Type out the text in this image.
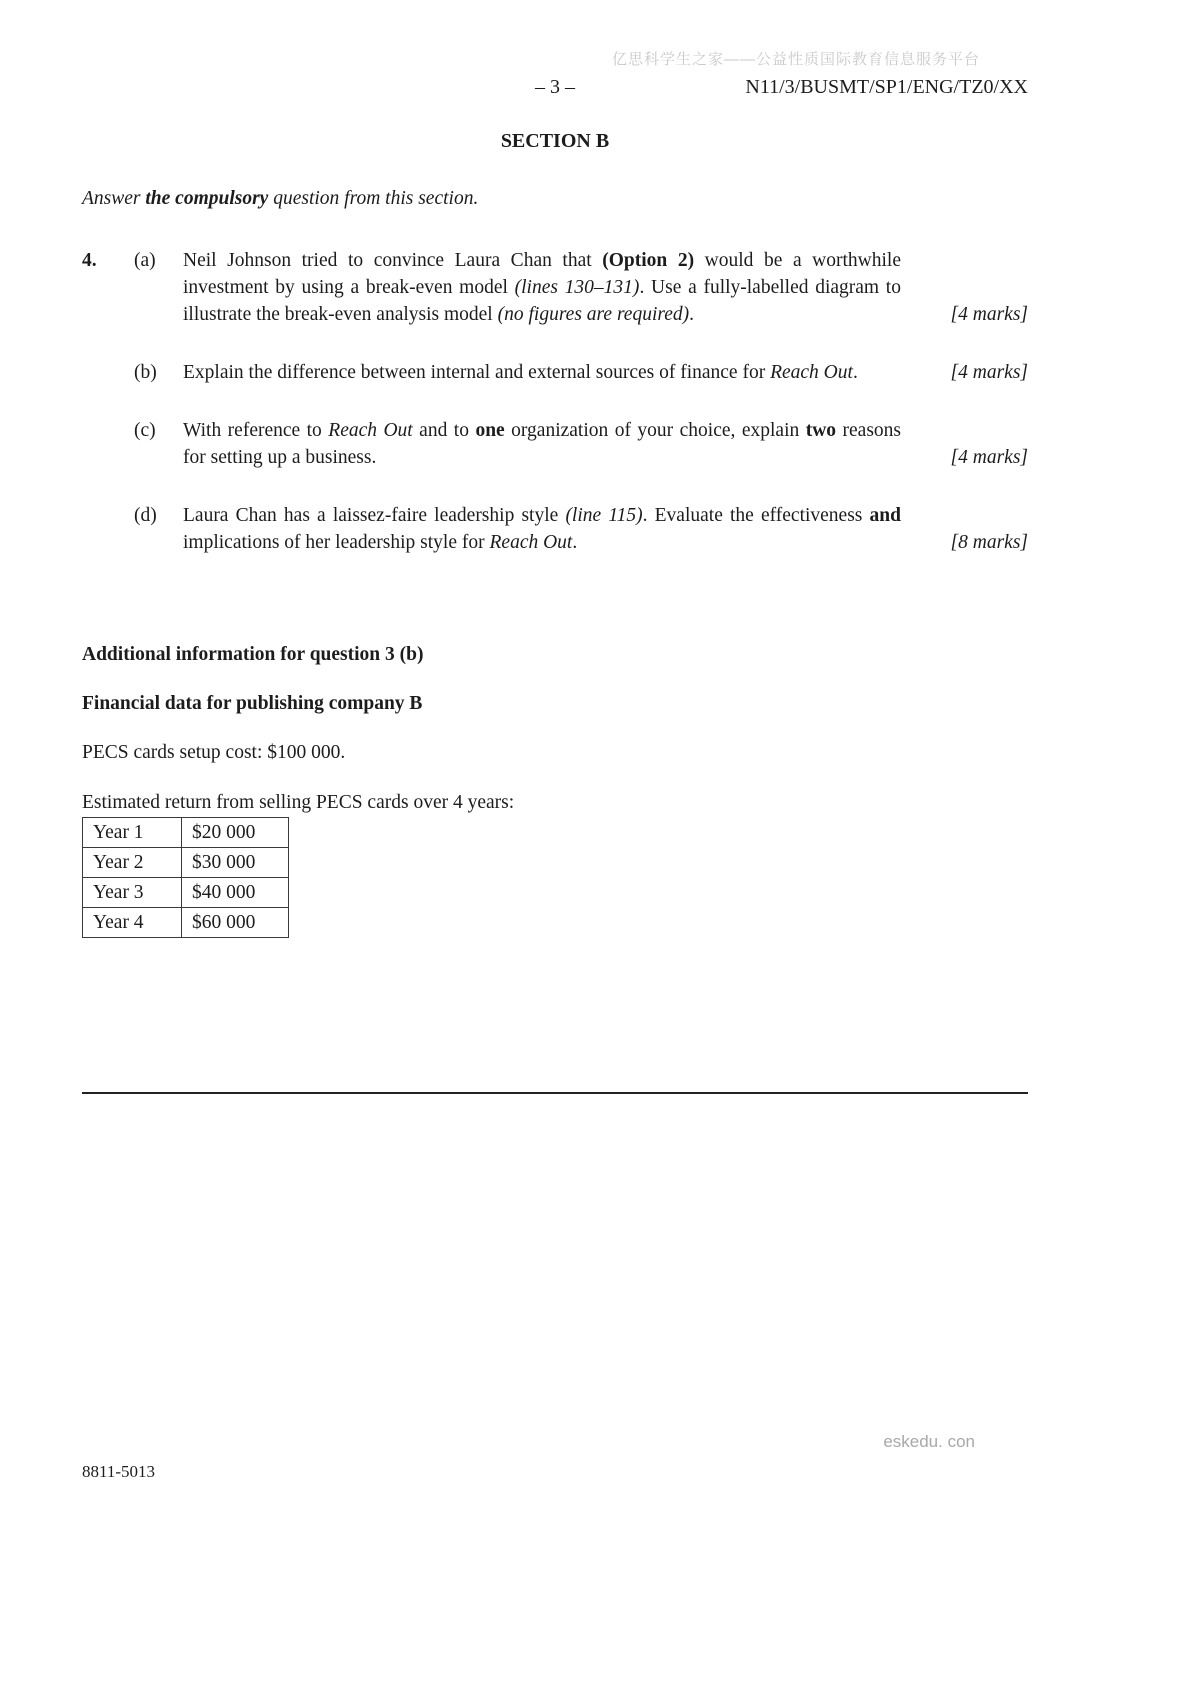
亿思科学生之家——公益性质国际教育信息服务平台
– 3 –	N11/3/BUSMT/SP1/ENG/TZ0/XX
SECTION B
Answer the compulsory question from this section.
4.	(a)	Neil Johnson tried to convince Laura Chan that (Option 2) would be a worthwhile investment by using a break-even model (lines 130–131). Use a fully-labelled diagram to illustrate the break-even analysis model (no figures are required).	[4 marks]
(b)	Explain the difference between internal and external sources of finance for Reach Out.	[4 marks]
(c)	With reference to Reach Out and to one organization of your choice, explain two reasons for setting up a business.	[4 marks]
(d)	Laura Chan has a laissez-faire leadership style (line 115). Evaluate the effectiveness and implications of her leadership style for Reach Out.	[8 marks]
Additional information for question 3 (b)
Financial data for publishing company B
PECS cards setup cost: $100 000.
Estimated return from selling PECS cards over 4 years:
Year 1	$20 000
Year 2	$30 000
Year 3	$40 000
Year 4	$60 000
8811-5013
eskedu. con
